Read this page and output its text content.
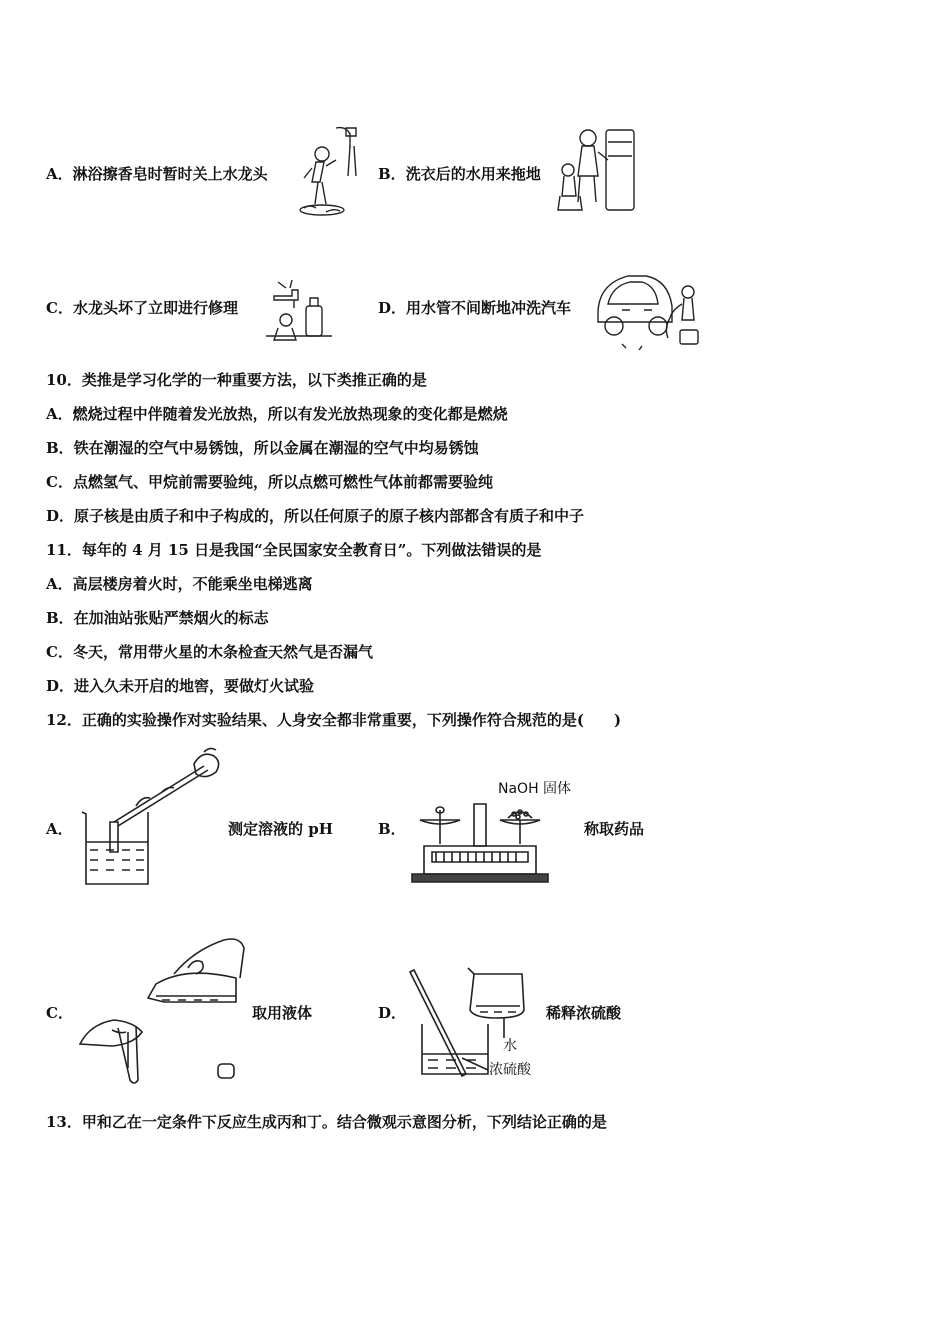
A．淋浴擦香皂时暂时关上水龙头	B．洗衣后的水用来拖地
C．水龙头坏了立即进行修理	D．用水管不间断地冲洗汽车
10．类推是学习化学的一种重要方法，以下类推正确的是
A．燃烧过程中伴随着发光放热，所以有发光放热现象的变化都是燃烧
B．铁在潮湿的空气中易锈蚀，所以金属在潮湿的空气中均易锈蚀
C．点燃氢气、甲烷前需要验纯，所以点燃可燃性气体前都需要验纯
D．原子核是由质子和中子构成的，所以任何原子的原子核内部都含有质子和中子
11．每年的 4 月 15 日是我国“全民国家安全教育日”。下列做法错误的是
A．高层楼房着火时，不能乘坐电梯逃离
B．在加油站张贴严禁烟火的标志
C．冬天，常用带火星的木条检查天然气是否漏气
D．进入久未开启的地窖，要做灯火试验
12．正确的实验操作对实验结果、人身安全都非常重要，下列操作符合规范的是(　　)
A．	测定溶液的 pH	B．
NaOH 固体
称取药品
C．	取用液体	D．
水
浓硫酸
稀释浓硫酸
13．甲和乙在一定条件下反应生成丙和丁。结合微观示意图分析，下列结论正确的是
